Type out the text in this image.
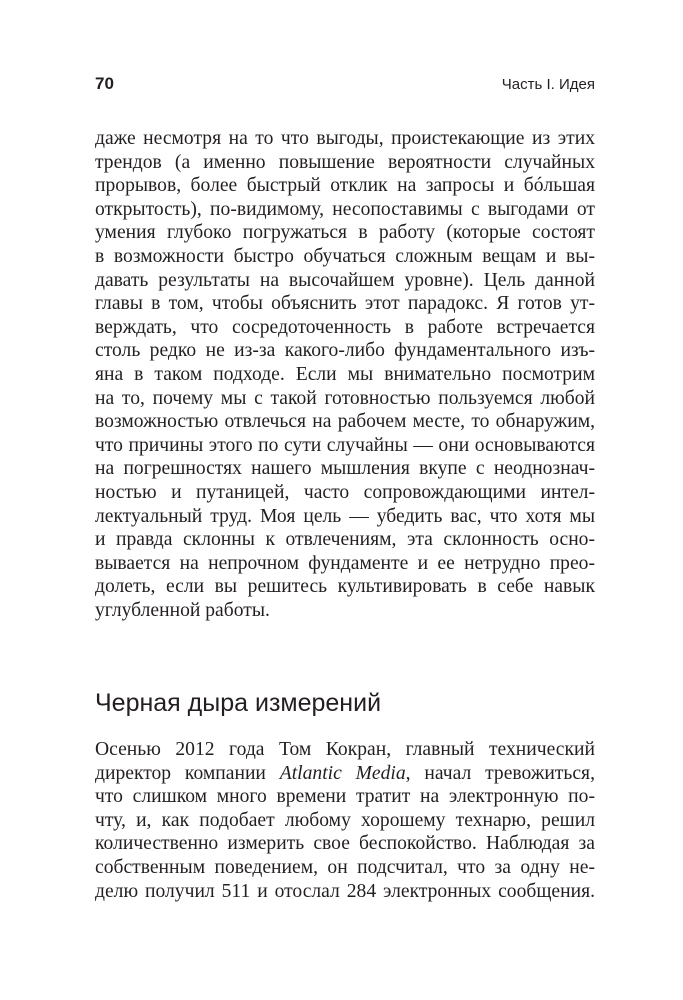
70	Часть I. Идея
даже несмотря на то что выгоды, проистекающие из этих
трендов (а именно повышение вероятности случайных
прорывов, более быстрый отклик на запросы и бóльшая
открытость), по-видимому, несопоставимы с выгодами от
умения глубоко погружаться в работу (которые состоят
в возможности быстро обучаться сложным вещам и вы-
давать результаты на высочайшем уровне). Цель данной
главы в том, чтобы объяснить этот парадокс. Я готов ут-
верждать, что сосредоточенность в работе встречается
столь редко не из-за какого-либо фундаментального изъ-
яна в таком подходе. Если мы внимательно посмотрим
на то, почему мы с такой готовностью пользуемся любой
возможностью отвлечься на рабочем месте, то обнаружим,
что причины этого по сути случайны — они основываются
на погрешностях нашего мышления вкупе с неоднознач-
ностью и путаницей, часто сопровождающими интел-
лектуальный труд. Моя цель — убедить вас, что хотя мы
и правда склонны к отвлечениям, эта склонность осно-
вывается на непрочном фундаменте и ее нетрудно прео-
долеть, если вы решитесь культивировать в себе навык
углубленной работы.
Черная дыра измерений
Осенью 2012 года Том Кокран, главный технический
директор компании Atlantic Media, начал тревожиться,
что слишком много времени тратит на электронную по-
чту, и, как подобает любому хорошему технарю, решил
количественно измерить свое беспокойство. Наблюдая за
собственным поведением, он подсчитал, что за одну не-
делю получил 511 и отослал 284 электронных сообщения.
